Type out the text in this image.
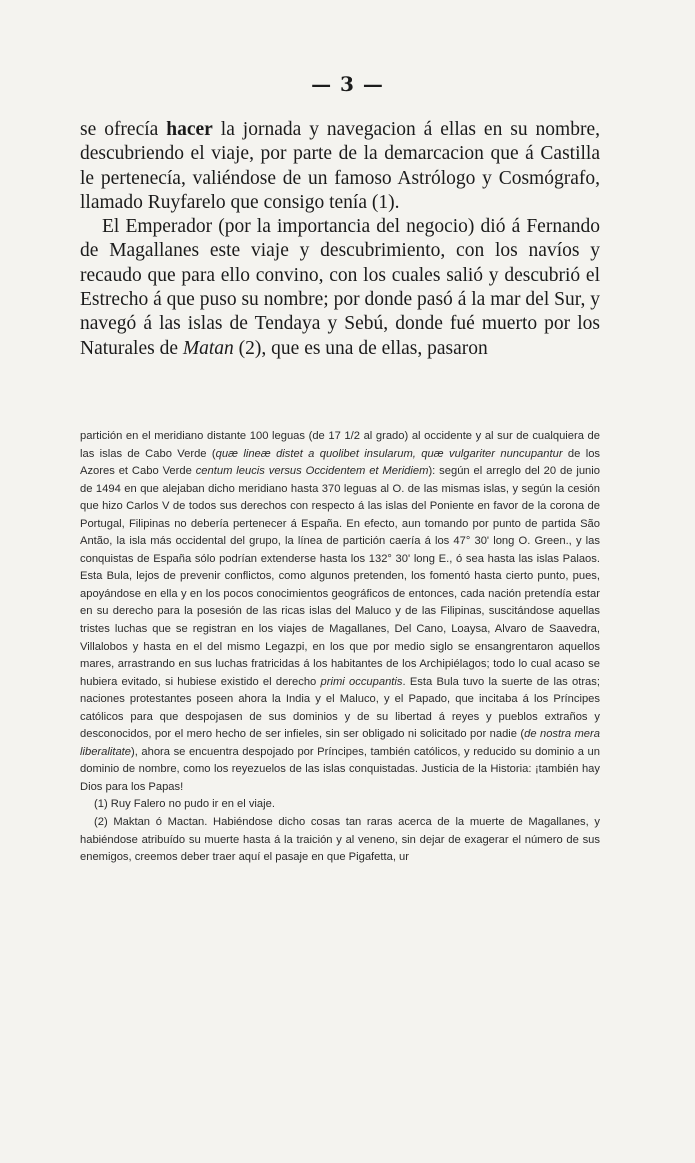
— 3 —

se ofrecía hacer la jornada y navegacion á ellas en su nombre, descubriendo el viaje, por parte de la demarcacion que á Castilla le pertenecía, valiéndose de un famoso Astrólogo y Cosmógrafo, llamado Ruyfarelo que consigo tenía (1).

El Emperador (por la importancia del negocio) dió á Fernando de Magallanes este viaje y descubrimiento, con los navíos y recaudo que para ello convino, con los cuales salió y descubrió el Estrecho á que puso su nombre; por donde pasó á la mar del Sur, y navegó á las islas de Tendaya y Sebú, donde fué muerto por los Naturales de Matan (2), que es una de ellas, pasaron

partición en el meridiano distante 100 leguas (de 17 1/2 al grado) al occidente y al sur de cualquiera de las islas de Cabo Verde (quæ lineæ distet a quolibet insularum, quæ vulgariter nuncupantur de los Azores et Cabo Verde centum leucis versus Occidentem et Meridiem): según el arreglo del 20 de junio de 1494 en que alejaban dicho meridiano hasta 370 leguas al O. de las mismas islas, y según la cesión que hizo Carlos V de todos sus derechos con respecto á las islas del Poniente en favor de la corona de Portugal, Filipinas no debería pertenecer á España. En efecto, aun tomando por punto de partida São Antão, la isla más occidental del grupo, la línea de partición caería á los 47° 30' long O. Green., y las conquistas de España sólo podrían extenderse hasta los 132° 30' long E., ó sea hasta las islas Palaos. Esta Bula, lejos de prevenir conflictos, como algunos pretenden, los fomentó hasta cierto punto, pues, apoyándose en ella y en los pocos conocimientos geográficos de entonces, cada nación pretendía estar en su derecho para la posesión de las ricas islas del Maluco y de las Filipinas, suscitándose aquellas tristes luchas que se registran en los viajes de Magallanes, Del Cano, Loaysa, Alvaro de Saavedra, Villalobos y hasta en el del mismo Legazpi, en los que por medio siglo se ensangrentaron aquellos mares, arrastrando en sus luchas fratricidas á los habitantes de los Archipiélagos; todo lo cual acaso se hubiera evitado, si hubiese existido el derecho primi occupantis. Esta Bula tuvo la suerte de las otras; naciones protestantes poseen ahora la India y el Maluco, y el Papado, que incitaba á los Príncipes católicos para que despojasen de sus dominios y de su libertad á reyes y pueblos extraños y desconocidos, por el mero hecho de ser infieles, sin ser obligado ni solicitado por nadie (de nostra mera liberalitate), ahora se encuentra despojado por Príncipes, también católicos, y reducido su dominio a un dominio de nombre, como los reyezuelos de las islas conquistadas. Justicia de la Historia: ¡también hay Dios para los Papas!

(1) Ruy Falero no pudo ir en el viaje.

(2) Maktan ó Mactan. Habiéndose dicho cosas tan raras acerca de la muerte de Magallanes, y habiéndose atribuído su muerte hasta á la traición y al veneno, sin dejar de exagerar el número de sus enemigos, creemos deber traer aquí el pasaje en que Pigafetta, ur
